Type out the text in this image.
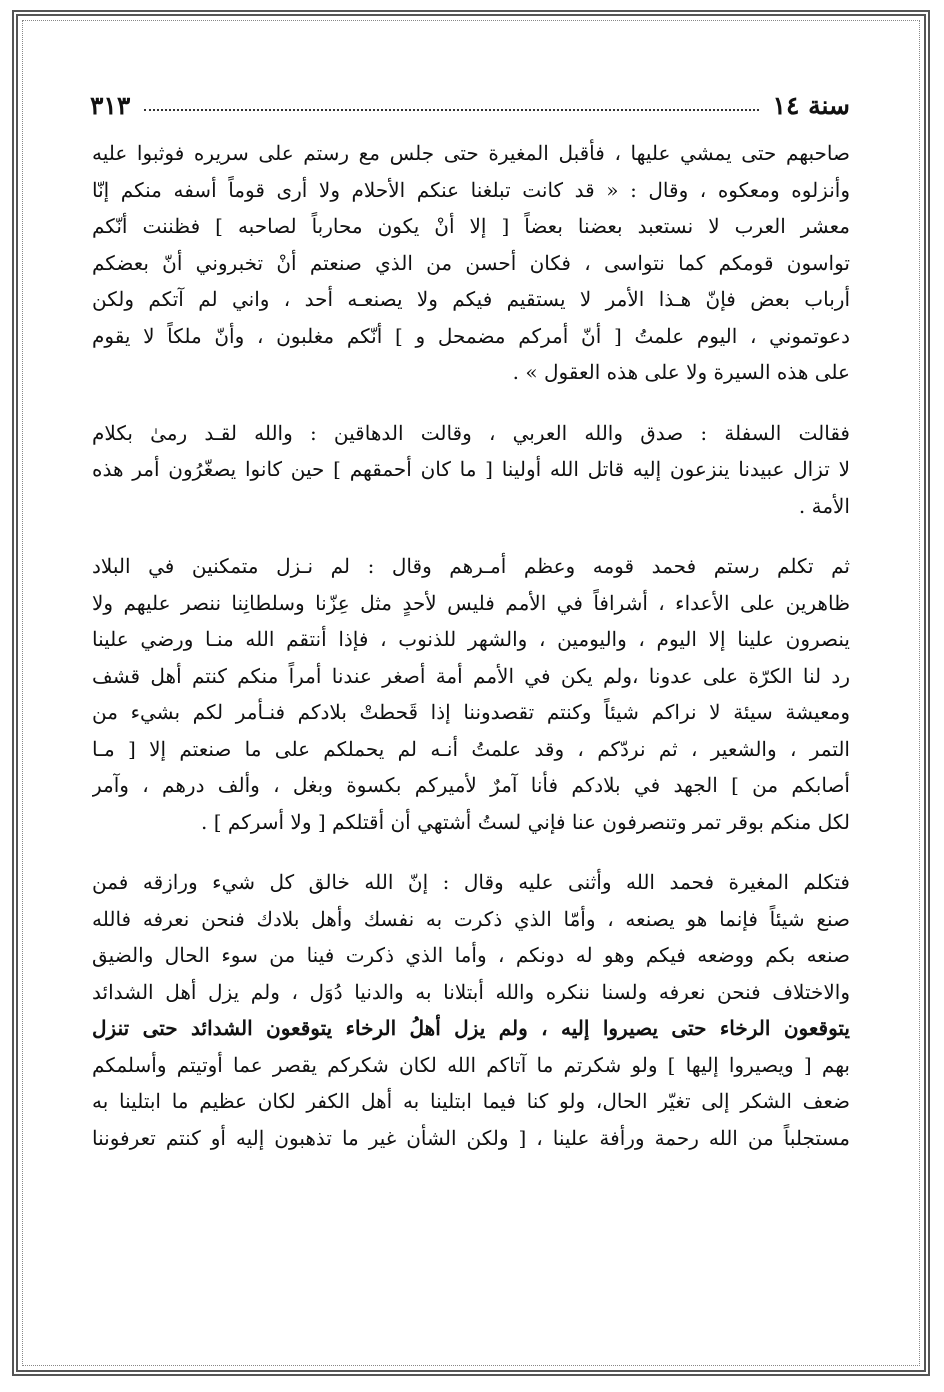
سنة ١٤
٣١٣
صاحبهم حتى يمشي عليها ، فأقبل المغيرة حتى جلس مع رستم على سريره فوثبوا عليه
وأنزلوه ومعكوه ، وقال : « قد كانت تبلغنا عنكم الأحلام ولا أرى قوماً أسفه منكم إنّا
معشر العرب لا نستعبد بعضنا بعضاً [ إلا أنْ يكون محارباً لصاحبه ] فظننت أنّكم
تواسون قومكم كما نتواسى ، فكان أحسن من الذي صنعتم أنْ تخبروني أنّ بعضكم
أرباب بعض فإنّ هـذا الأمر لا يستقيم فيكم ولا يصنعـه أحد ، واني لم آتكم ولكن
دعوتموني ، اليوم علمتُ [ أنّ أمركم مضمحل و ] أنّكم مغلبون ، وأنّ ملكاً لا يقوم
على هذه السيرة ولا على هذه العقول » .
فقالت السفلة : صدق والله العربي ، وقالت الدهاقين : والله لقـد رمىٰ بكلام
لا تزال عبيدنا ينزعون إليه قاتل الله أولينا [ ما كان أحمقهم ] حين كانوا يصغّرُون أمر هذه
الأمة .
ثم تكلم رستم فحمد قومه وعظم أمـرهم وقال : لم نـزل متمكنين في البلاد
ظاهرين على الأعداء ، أشرافاً في الأمم فليس لأحدٍ مثل عِزّنا وسلطانِنا ننصر عليهم ولا
ينصرون علينا إلا اليوم ، واليومين ، والشهر للذنوب ، فإذا أنتقم الله منـا ورضي علينا
رد لنا الكرّة على عدونا ،ولم يكن في الأمم أمة أصغر عندنا أمراً منكم كنتم أهل قشف
ومعيشة سيئة لا نراكم شيئاً وكنتم تقصدوننا إذا قَحطتْ بلادكم فنـأمر لكم بشيء من
التمر ، والشعير ، ثم نردّكم ، وقد علمتُ أنـه لم يحملكم على ما صنعتم إلا [ مـا
أصابكم من ] الجهد في بلادكم فأنا آمرٌ لأميركم بكسوة وبغل ، وألف درهم ، وآمر
لكل منكم بوقر تمر وتنصرفون عنا فإني لستُ أشتهي أن أقتلكم [ ولا أسركم ] .
فتكلم المغيرة فحمد الله وأثنى عليه وقال : إنّ الله خالق كل شيء ورازقه فمن
صنع شيئاً فإنما هو يصنعه ، وأمّا الذي ذكرت به نفسك وأهل بلادك فنحن نعرفه فالله
صنعه بكم ووضعه فيكم وهو له دونكم ، وأما الذي ذكرت فينا من سوء الحال والضيق
والاختلاف فنحن نعرفه ولسنا ننكره والله أبتلانا به والدنيا دُوَل ، ولم يزل أهل الشدائد
يتوقعون الرخاء حتى يصيروا إليه ، ولم يزل أهلُ الرخاء يتوقعون الشدائد حتى تنزل
بهم [ ويصيروا إليها ] ولو شكرتم ما آتاكم الله لكان شكركم يقصر عما أوتيتم وأسلمكم
ضعف الشكر إلى تغيّر الحال، ولو كنا فيما ابتلينا به أهل الكفر لكان عظيم ما ابتلينا به
مستجلباً من الله رحمة ورأفة علينا ، [ ولكن الشأن غير ما تذهبون إليه أو كنتم تعرفوننا
